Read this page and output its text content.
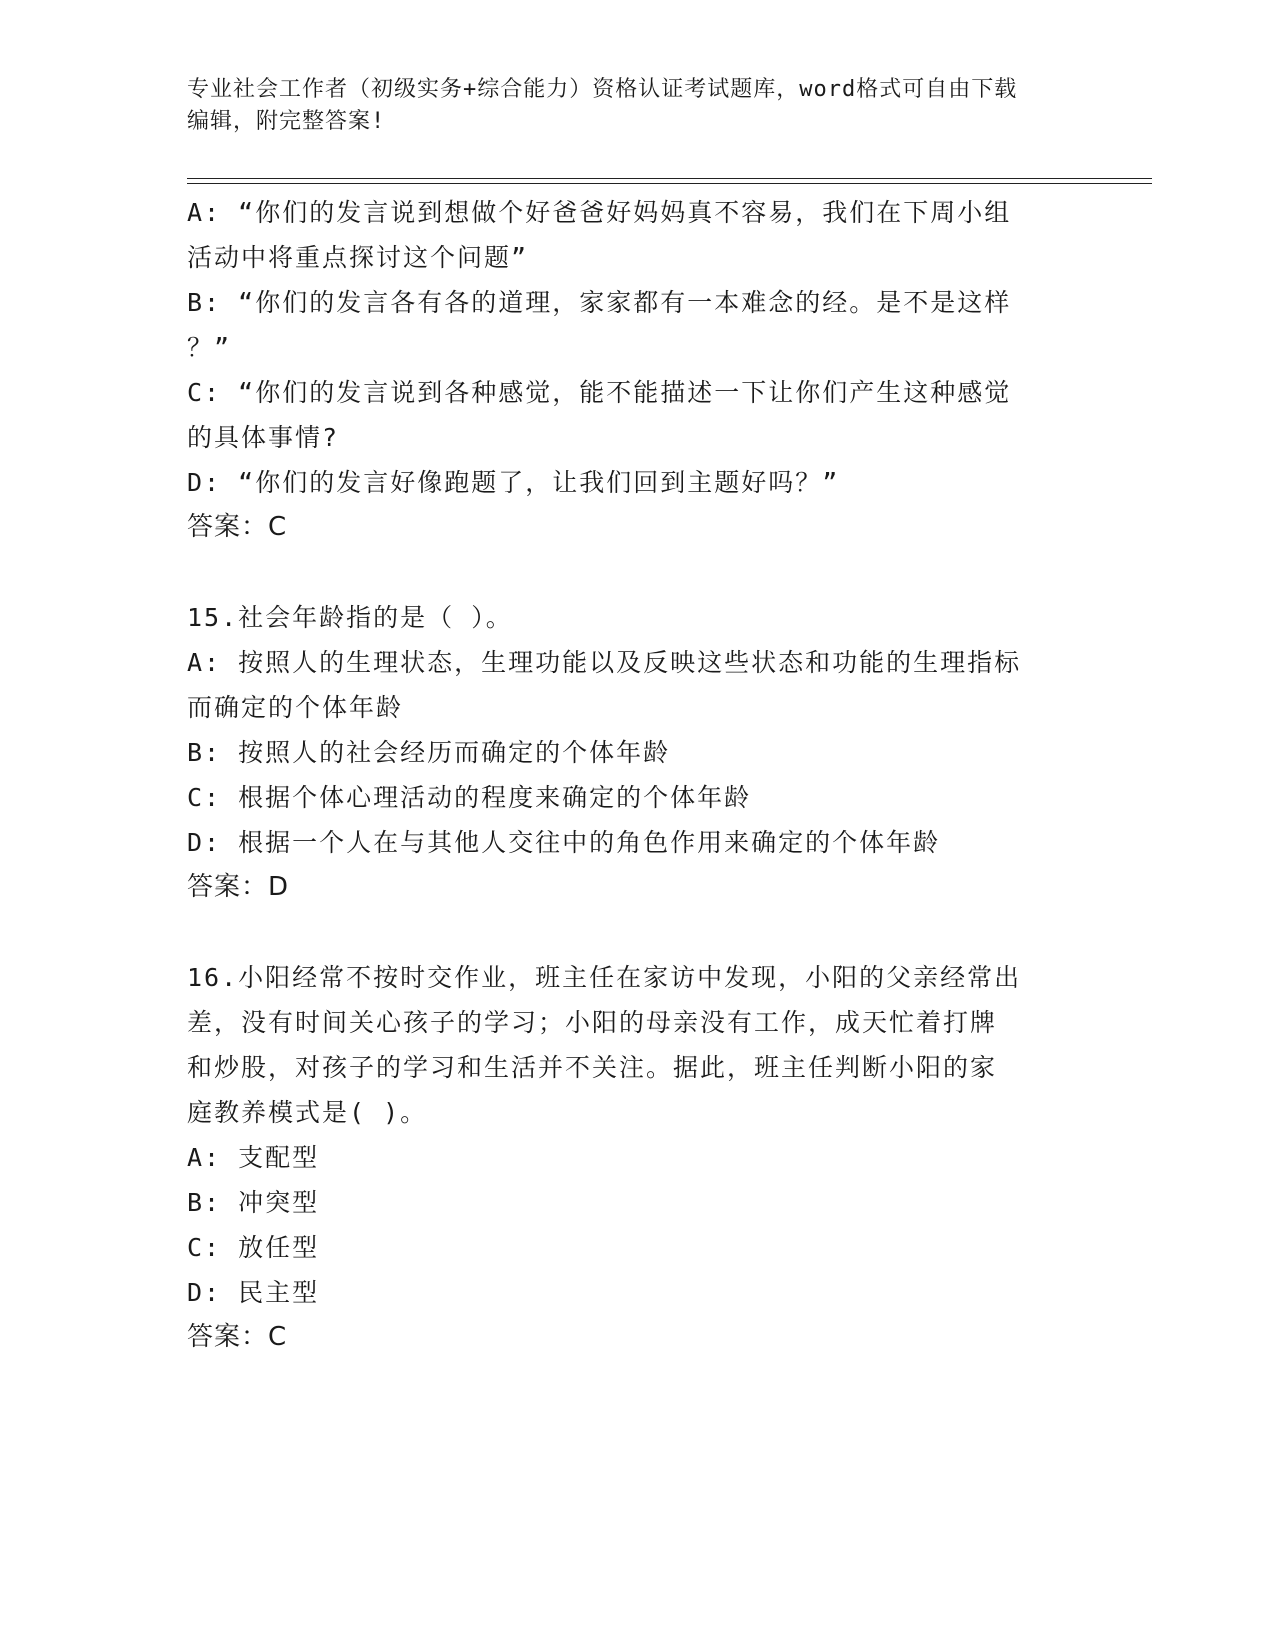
专业社会工作者（初级实务+综合能力）资格认证考试题库，word格式可自由下载
编辑，附完整答案!
A: “你们的发言说到想做个好爸爸好妈妈真不容易，我们在下周小组
活动中将重点探讨这个问题”
B: “你们的发言各有各的道理，家家都有一本难念的经。是不是这样
？”
C: “你们的发言说到各种感觉，能不能描述一下让你们产生这种感觉
的具体事情?
D: “你们的发言好像跑题了，让我们回到主题好吗？”
答案：C
15.社会年龄指的是（ ）。
A: 按照人的生理状态，生理功能以及反映这些状态和功能的生理指标
而确定的个体年龄
B: 按照人的社会经历而确定的个体年龄
C: 根据个体心理活动的程度来确定的个体年龄
D: 根据一个人在与其他人交往中的角色作用来确定的个体年龄
答案：D
16.小阳经常不按时交作业，班主任在家访中发现，小阳的父亲经常出
差，没有时间关心孩子的学习；小阳的母亲没有工作，成天忙着打牌
和炒股，对孩子的学习和生活并不关注。据此，班主任判断小阳的家
庭教养模式是( )。
A: 支配型
B: 冲突型
C: 放任型
D: 民主型
答案：C
